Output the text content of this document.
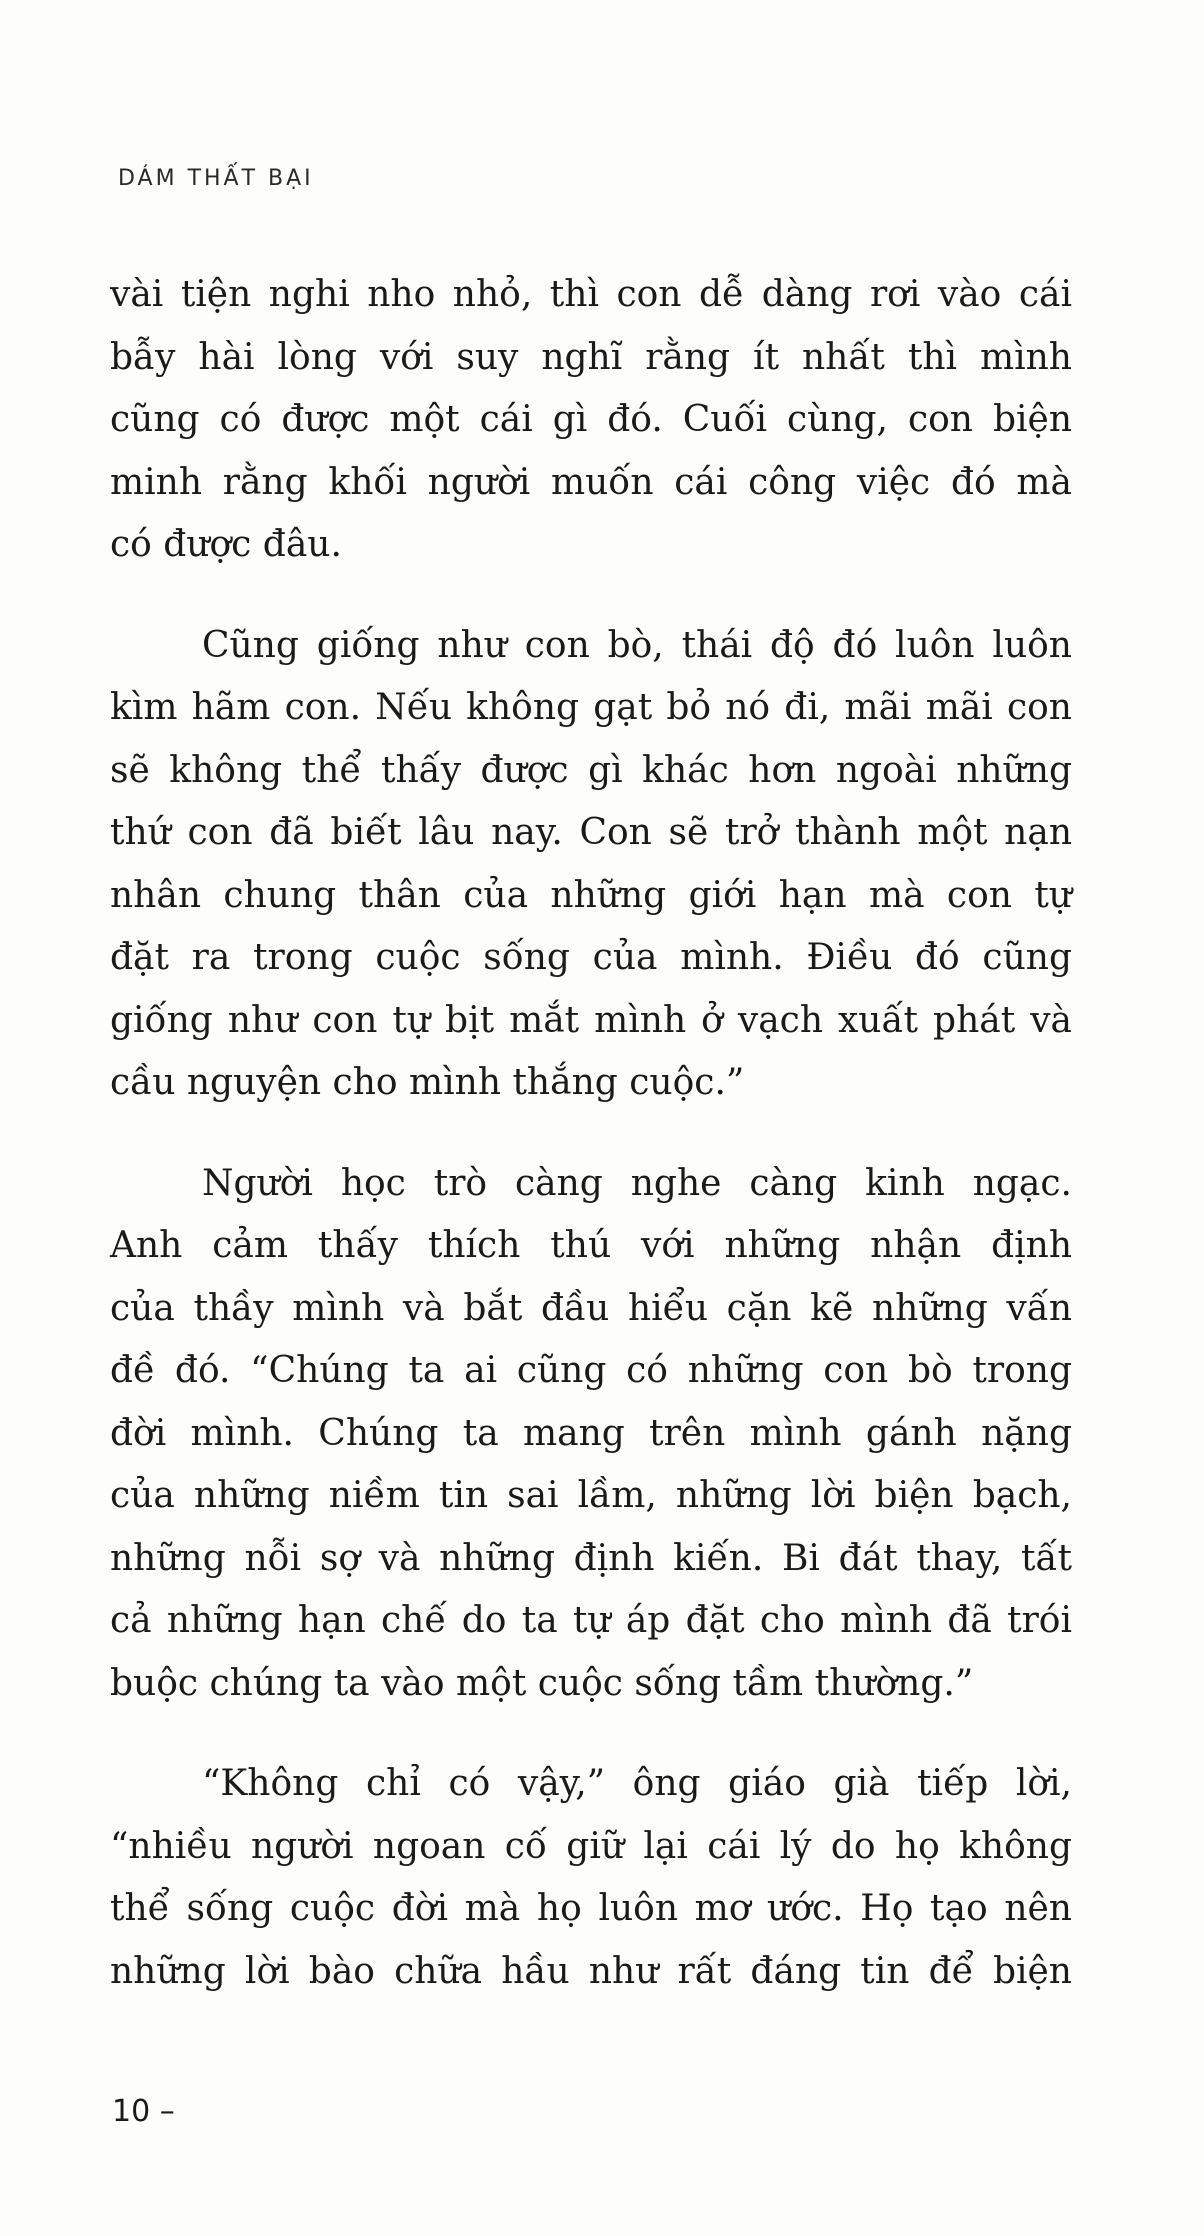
DÁM THẤT BẠI
vài tiện nghi nho nhỏ, thì con dễ dàng rơi vào cái
bẫy hài lòng với suy nghĩ rằng ít nhất thì mình
cũng có được một cái gì đó. Cuối cùng, con biện
minh rằng khối người muốn cái công việc đó mà
có được đâu.
Cũng giống như con bò, thái độ đó luôn luôn
kìm hãm con. Nếu không gạt bỏ nó đi, mãi mãi con
sẽ không thể thấy được gì khác hơn ngoài những
thứ con đã biết lâu nay. Con sẽ trở thành một nạn
nhân chung thân của những giới hạn mà con tự
đặt ra trong cuộc sống của mình. Điều đó cũng
giống như con tự bịt mắt mình ở vạch xuất phát và
cầu nguyện cho mình thắng cuộc.”
Người học trò càng nghe càng kinh ngạc.
Anh cảm thấy thích thú với những nhận định
của thầy mình và bắt đầu hiểu cặn kẽ những vấn
đề đó. “Chúng ta ai cũng có những con bò trong
đời mình. Chúng ta mang trên mình gánh nặng
của những niềm tin sai lầm, những lời biện bạch,
những nỗi sợ và những định kiến. Bi đát thay, tất
cả những hạn chế do ta tự áp đặt cho mình đã trói
buộc chúng ta vào một cuộc sống tầm thường.”
“Không chỉ có vậy,” ông giáo già tiếp lời,
“nhiều người ngoan cố giữ lại cái lý do họ không
thể sống cuộc đời mà họ luôn mơ ước. Họ tạo nên
những lời bào chữa hầu như rất đáng tin để biện
10 –
